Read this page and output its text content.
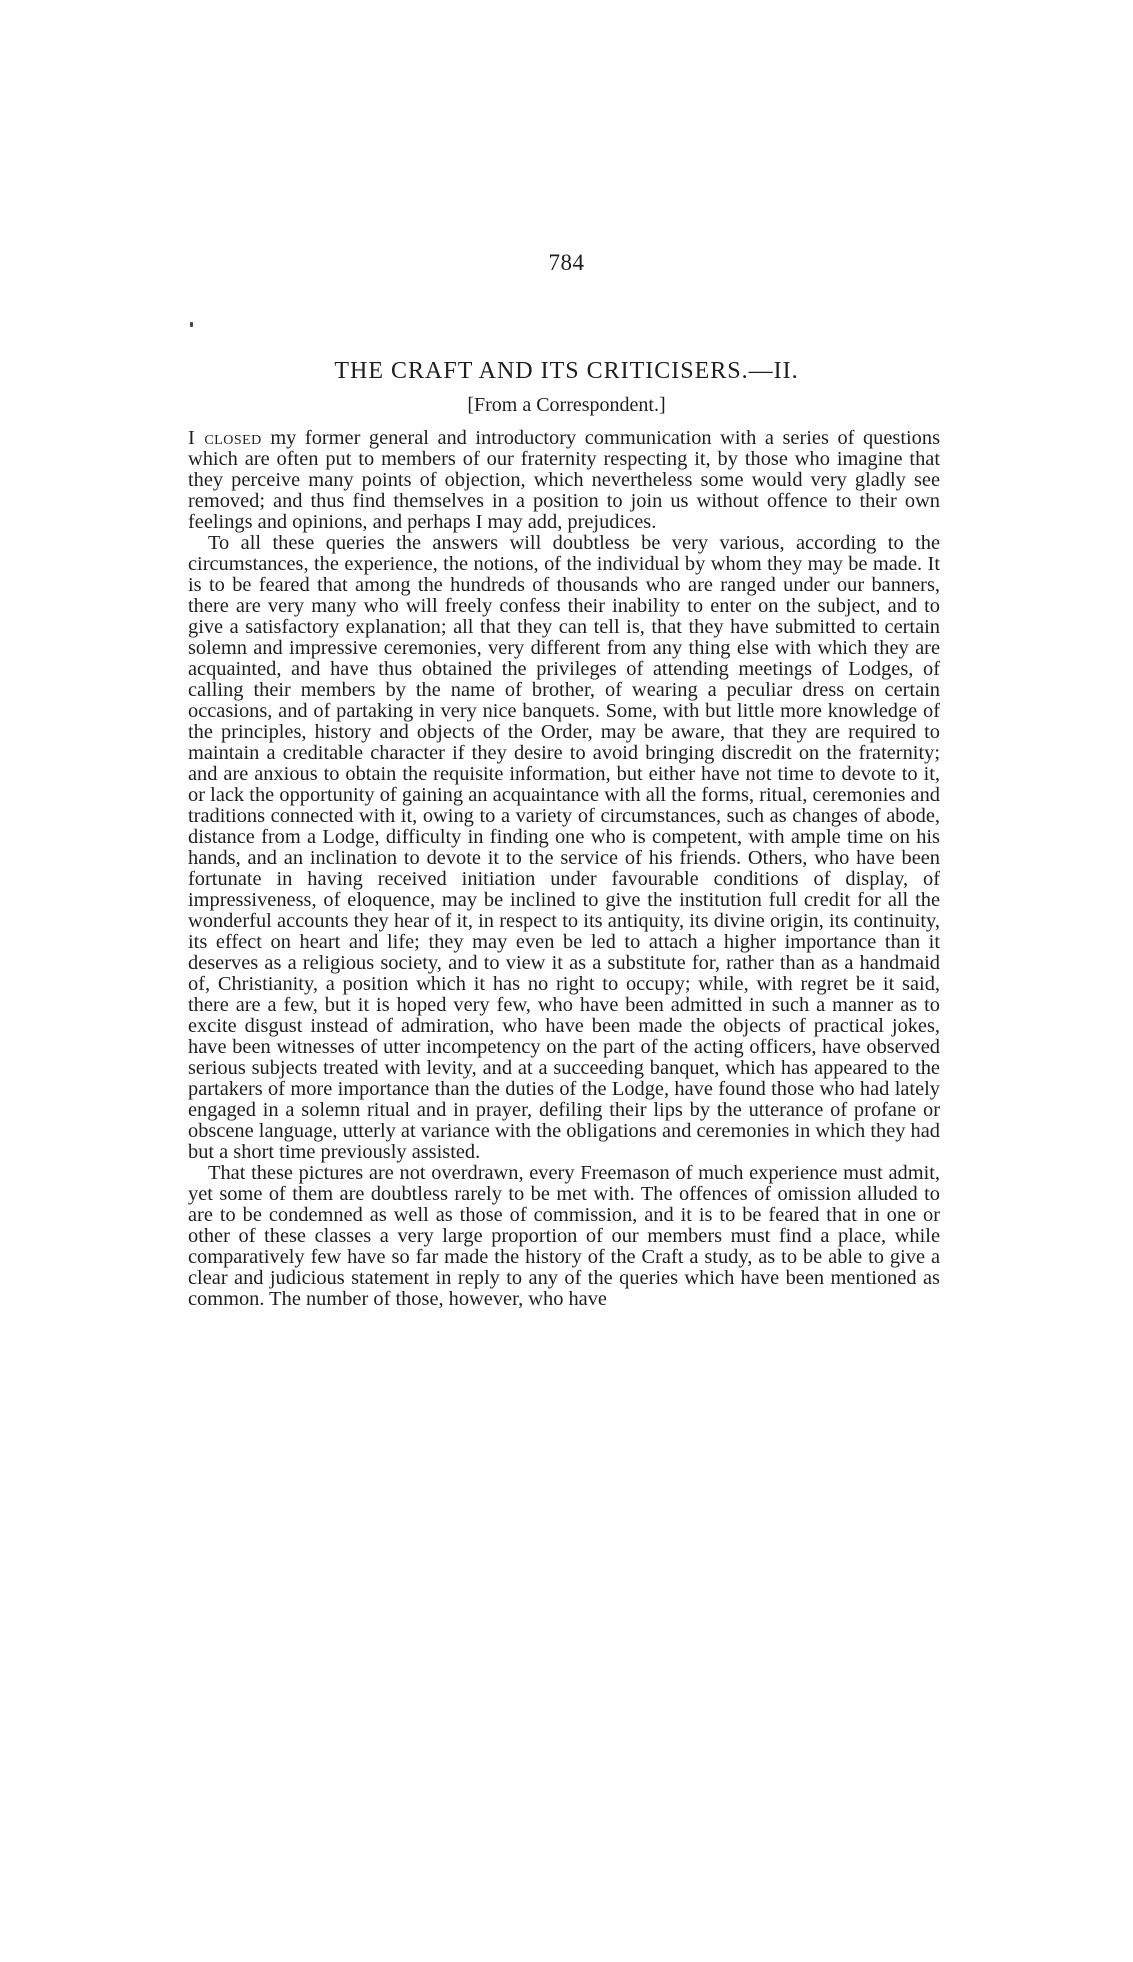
784
THE CRAFT AND ITS CRITICISERS.—II.
[From a Correspondent.]

I closed my former general and introductory communication with a series of questions which are often put to members of our fraternity respecting it, by those who imagine that they perceive many points of objection, which nevertheless some would very gladly see removed; and thus find themselves in a position to join us without offence to their own feelings and opinions, and perhaps I may add, prejudices.

To all these queries the answers will doubtless be very various, according to the circumstances, the experience, the notions, of the individual by whom they may be made. It is to be feared that among the hundreds of thousands who are ranged under our banners, there are very many who will freely confess their inability to enter on the subject, and to give a satisfactory explanation; all that they can tell is, that they have submitted to certain solemn and impressive ceremonies, very different from any thing else with which they are acquainted, and have thus obtained the privileges of attending meetings of Lodges, of calling their members by the name of brother, of wearing a peculiar dress on certain occasions, and of partaking in very nice banquets. Some, with but little more knowledge of the principles, history and objects of the Order, may be aware, that they are required to maintain a creditable character if they desire to avoid bringing discredit on the fraternity; and are anxious to obtain the requisite information, but either have not time to devote to it, or lack the opportunity of gaining an acquaintance with all the forms, ritual, ceremonies and traditions connected with it, owing to a variety of circumstances, such as changes of abode, distance from a Lodge, difficulty in finding one who is competent, with ample time on his hands, and an inclination to devote it to the service of his friends. Others, who have been fortunate in having received initiation under favourable conditions of display, of impressiveness, of eloquence, may be inclined to give the institution full credit for all the wonderful accounts they hear of it, in respect to its antiquity, its divine origin, its continuity, its effect on heart and life; they may even be led to attach a higher importance than it deserves as a religious society, and to view it as a substitute for, rather than as a handmaid of, Christianity, a position which it has no right to occupy; while, with regret be it said, there are a few, but it is hoped very few, who have been admitted in such a manner as to excite disgust instead of admiration, who have been made the objects of practical jokes, have been witnesses of utter incompetency on the part of the acting officers, have observed serious subjects treated with levity, and at a succeeding banquet, which has appeared to the partakers of more importance than the duties of the Lodge, have found those who had lately engaged in a solemn ritual and in prayer, defiling their lips by the utterance of profane or obscene language, utterly at variance with the obligations and ceremonies in which they had but a short time previously assisted.

That these pictures are not overdrawn, every Freemason of much experience must admit, yet some of them are doubtless rarely to be met with. The offences of omission alluded to are to be condemned as well as those of commission, and it is to be feared that in one or other of these classes a very large proportion of our members must find a place, while comparatively few have so far made the history of the Craft a study, as to be able to give a clear and judicious statement in reply to any of the queries which have been mentioned as common. The number of those, however, who have
